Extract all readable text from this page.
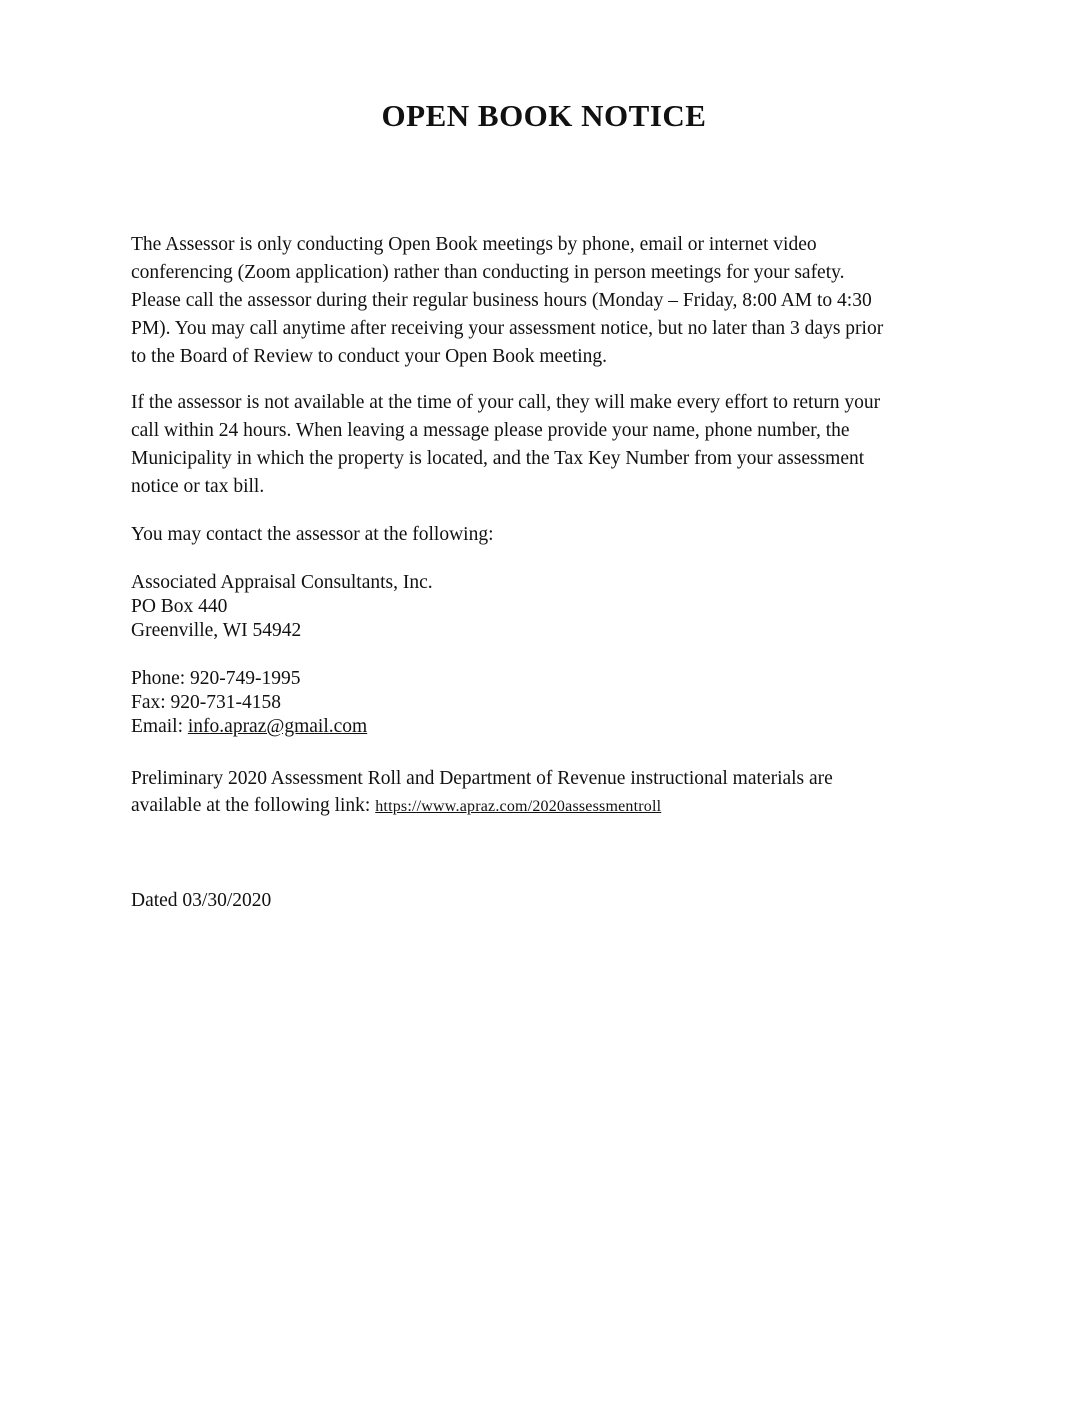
OPEN BOOK NOTICE

The Assessor is only conducting Open Book meetings by phone, email or internet video
conferencing (Zoom application) rather than conducting in person meetings for your safety.
Please call the assessor during their regular business hours (Monday – Friday, 8:00 AM to 4:30
PM). You may call anytime after receiving your assessment notice, but no later than 3 days prior
to the Board of Review to conduct your Open Book meeting.

If the assessor is not available at the time of your call, they will make every effort to return your
call within 24 hours. When leaving a message please provide your name, phone number, the
Municipality in which the property is located, and the Tax Key Number from your assessment
notice or tax bill.

You may contact the assessor at the following:

Associated Appraisal Consultants, Inc.
PO Box 440
Greenville, WI 54942

Phone: 920-749-1995
Fax: 920-731-4158
Email: info.apraz@gmail.com

Preliminary 2020 Assessment Roll and Department of Revenue instructional materials are
available at the following link: https://www.apraz.com/2020assessmentroll

Dated 03/30/2020
